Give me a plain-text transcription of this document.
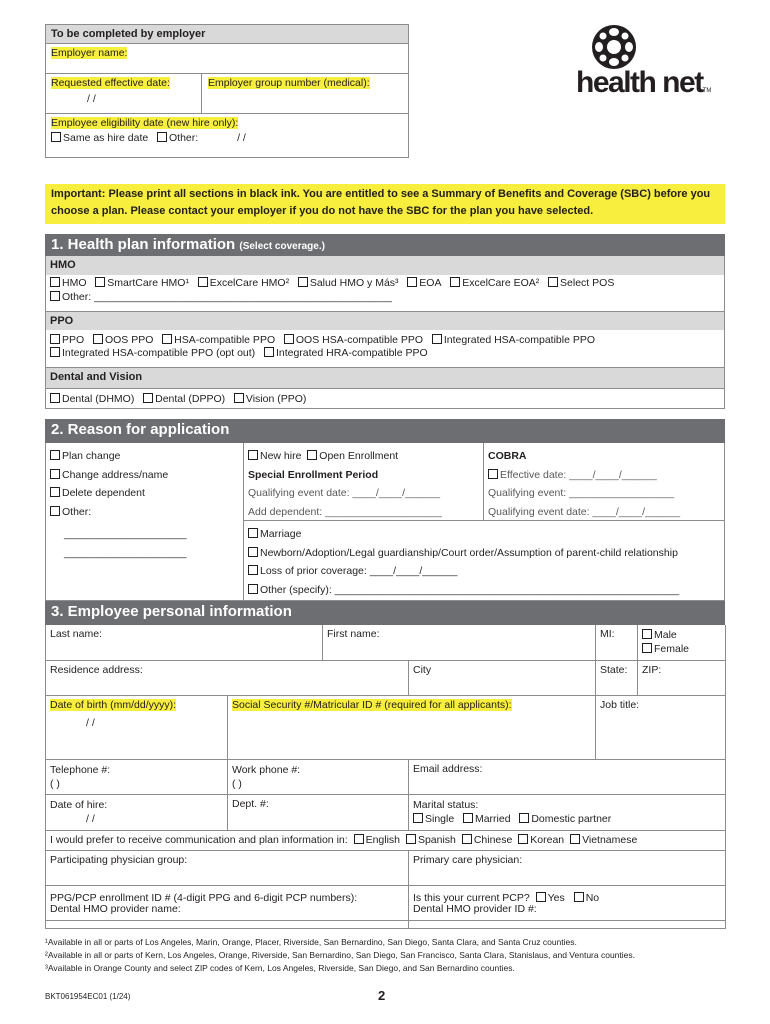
To be completed by employer
Employer name:
Requested effective date:
/ /
Employer group number (medical):
Employee eligibility date (new hire only):
Same as hire date Other:	/ /
health netTM
Important: Please print all sections in black ink. You are entitled to see a Summary of Benefits and Coverage (SBC) before you choose a plan. Please contact your employer if you do not have the SBC for the plan you have selected.
1. Health plan information (Select coverage.)
HMO
HMO SmartCare HMO¹ ExcelCare HMO² Salud HMO y Más³ EOA ExcelCare EOA² Select POS
Other: ___________________________________________________
PPO
PPO OOS PPO HSA-compatible PPO OOS HSA-compatible PPO Integrated HSA-compatible PPO
Integrated HSA-compatible PPO (opt out) Integrated HRA-compatible PPO
Dental and Vision
Dental (DHMO) Dental (DPPO) Vision (PPO)
2. Reason for application
Plan change
Change address/name
Delete dependent
Other:
_____________________
_____________________
New hire Open Enrollment
Special Enrollment Period
Qualifying event date: ____/____/______
Add dependent: ____________________
COBRA
Effective date: ____/____/______
Qualifying event: __________________
Qualifying event date: ____/____/______
Marriage
Newborn/Adoption/Legal guardianship/Court order/Assumption of parent-child relationship
Loss of prior coverage: ____/____/______
Other (specify): ___________________________________________________________
3. Employee personal information
Last name:	First name:	MI:	Male
Female
Residence address:	City	State:	ZIP:
Date of birth (mm/dd/yyyy):
/ /
Social Security #/Matricular ID # (required for all applicants):	Job title:
Telephone #:
( )
Work phone #:
( )
Email address:
Date of hire:
/ /
Dept. #:	Marital status:
Single Married Domestic partner
I would prefer to receive communication and plan information in: English Spanish Chinese Korean Vietnamese
Participating physician group:	Primary care physician:
PPG/PCP enrollment ID # (4-digit PPG and 6-digit PCP numbers):	Is this your current PCP? Yes No
Dental HMO provider name:	Dental HMO provider ID #:
¹Available in all or parts of Los Angeles, Marin, Orange, Placer, Riverside, San Bernardino, San Diego, Santa Clara, and Santa Cruz counties.
²Available in all or parts of Kern, Los Angeles, Orange, Riverside, San Bernardino, San Diego, San Francisco, Santa Clara, Stanislaus, and Ventura counties.
³Available in Orange County and select ZIP codes of Kern, Los Angeles, Riverside, San Diego, and San Bernardino counties.
BKT061954EC01 (1/24)	2
